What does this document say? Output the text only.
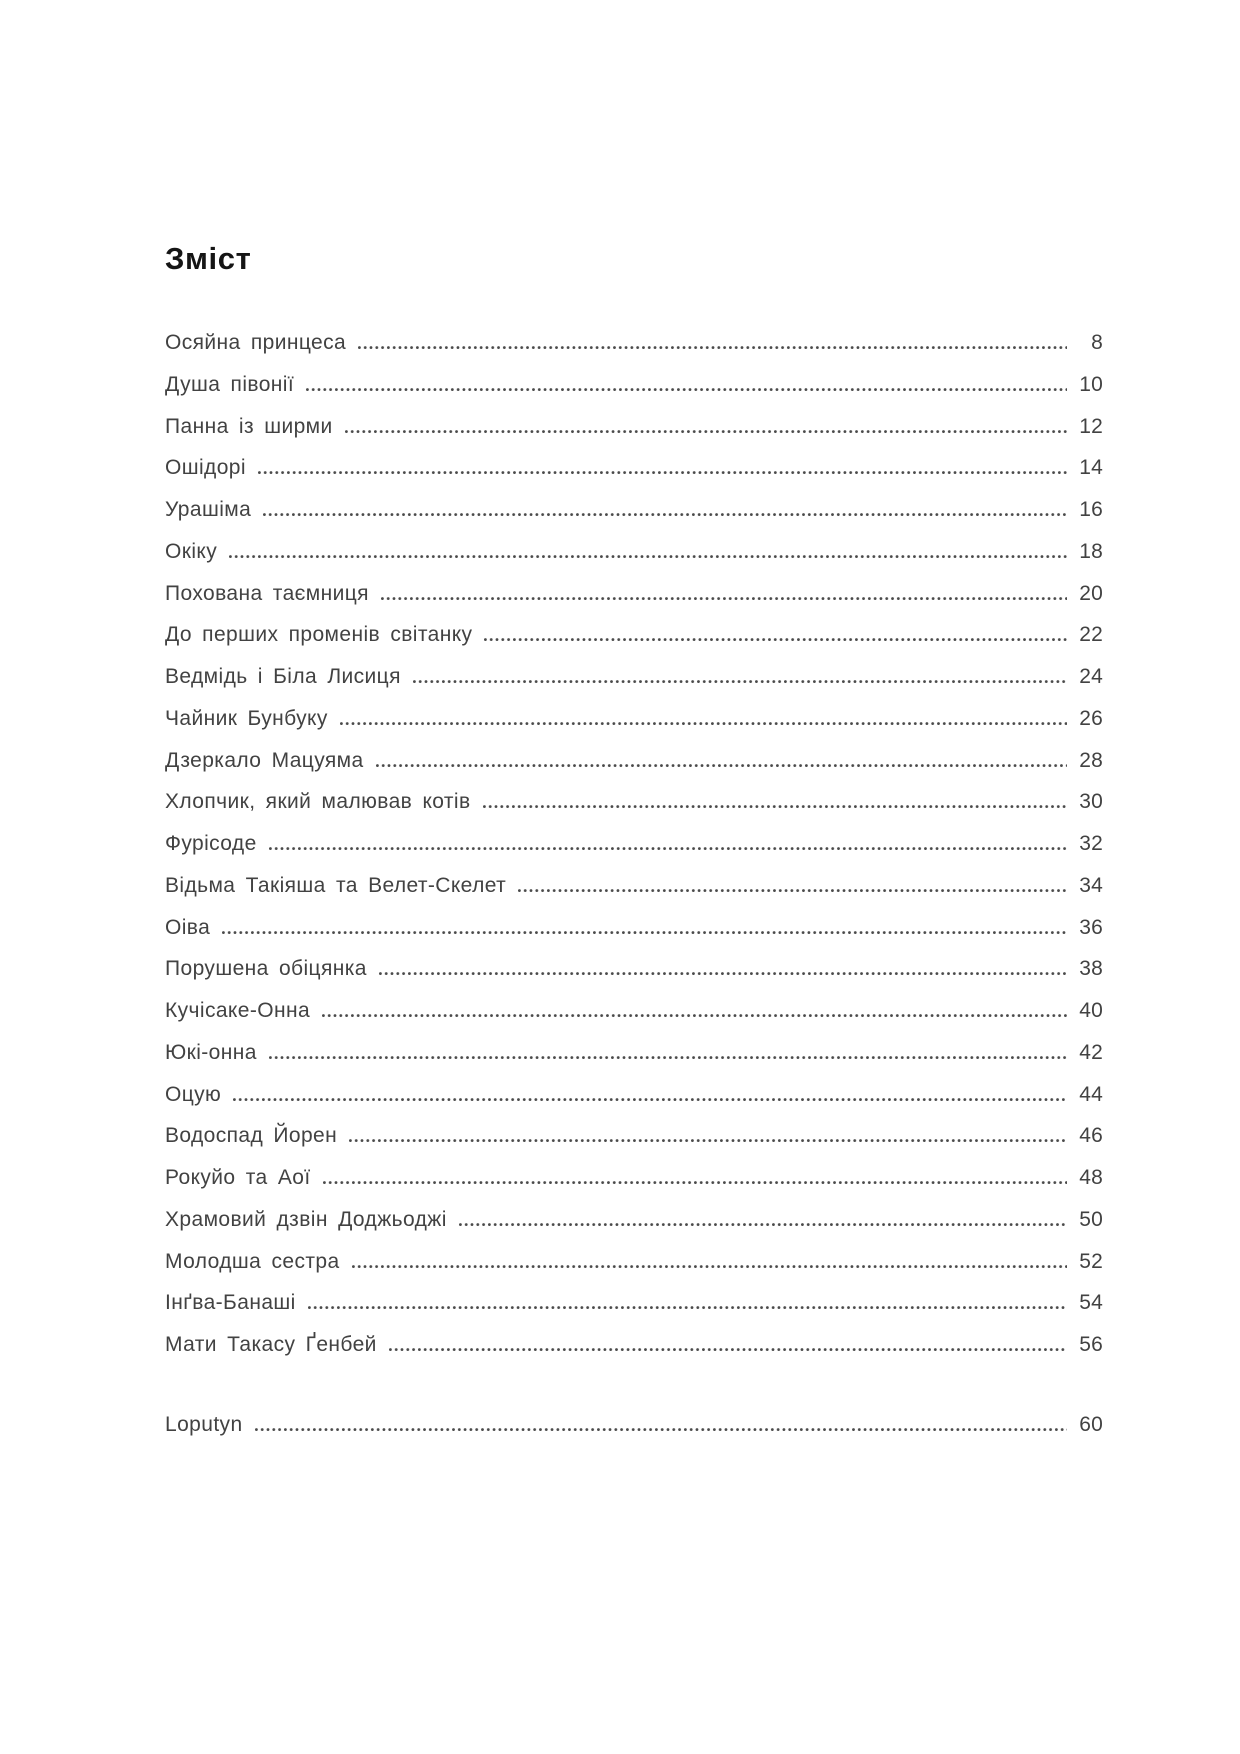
Зміст
Осяйна принцеса	8
Душа півонії	10
Панна із ширми	12
Ошідорі	14
Урашіма	16
Окіку	18
Похована таємниця	20
До перших променів світанку	22
Ведмідь і Біла Лисиця	24
Чайник Бунбуку	26
Дзеркало Мацуяма	28
Хлопчик, який малював котів	30
Фурісоде	32
Відьма Такіяша та Велет-Скелет	34
Оіва	36
Порушена обіцянка	38
Кучісаке-Онна	40
Юкі-онна	42
Оцую	44
Водоспад Йорен	46
Рокуйо та Аої	48
Храмовий дзвін Доджьоджі	50
Молодша сестра	52
Інґва-Банаші	54
Мати Такасу Ґенбей	56
Loputyn	60
